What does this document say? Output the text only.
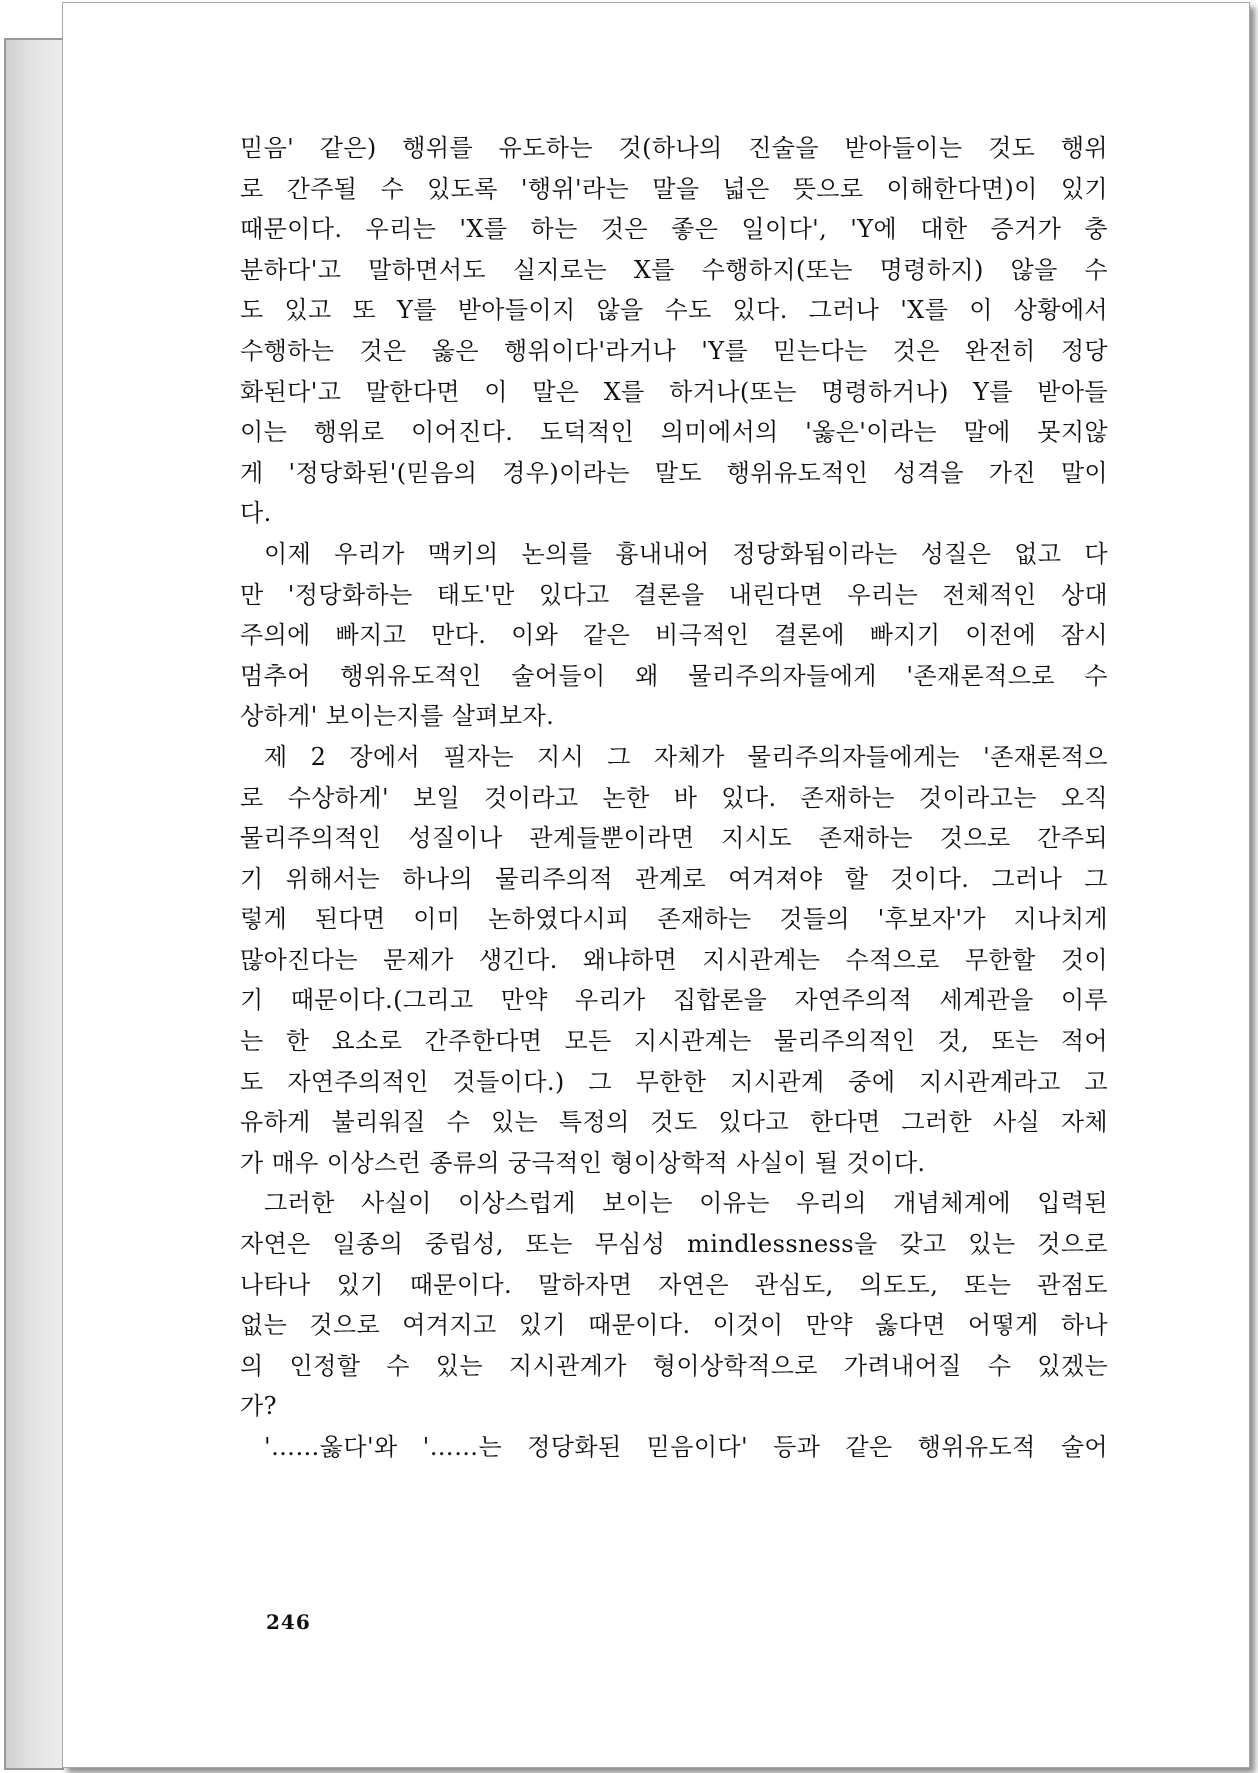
믿음' 같은) 행위를 유도하는 것(하나의 진술을 받아들이는 것도 행위
로 간주될 수 있도록 '행위'라는 말을 넓은 뜻으로 이해한다면)이 있기
때문이다. 우리는 'X를 하는 것은 좋은 일이다', 'Y에 대한 증거가 충
분하다'고 말하면서도 실지로는 X를 수행하지(또는 명령하지) 않을 수
도 있고 또 Y를 받아들이지 않을 수도 있다. 그러나 'X를 이 상황에서
수행하는 것은 옳은 행위이다'라거나 'Y를 믿는다는 것은 완전히 정당
화된다'고 말한다면 이 말은 X를 하거나(또는 명령하거나) Y를 받아들
이는 행위로 이어진다. 도덕적인 의미에서의 '옳은'이라는 말에 못지않
게 '정당화된'(믿음의 경우)이라는 말도 행위유도적인 성격을 가진 말이
다.
이제 우리가 맥키의 논의를 흉내내어 정당화됨이라는 성질은 없고 다
만 '정당화하는 태도'만 있다고 결론을 내린다면 우리는 전체적인 상대
주의에 빠지고 만다. 이와 같은 비극적인 결론에 빠지기 이전에 잠시
멈추어 행위유도적인 술어들이 왜 물리주의자들에게 '존재론적으로 수
상하게' 보이는지를 살펴보자.
제 2 장에서 필자는 지시 그 자체가 물리주의자들에게는 '존재론적으
로 수상하게' 보일 것이라고 논한 바 있다. 존재하는 것이라고는 오직
물리주의적인 성질이나 관계들뿐이라면 지시도 존재하는 것으로 간주되
기 위해서는 하나의 물리주의적 관계로 여겨져야 할 것이다. 그러나 그
렇게 된다면 이미 논하였다시피 존재하는 것들의 '후보자'가 지나치게
많아진다는 문제가 생긴다. 왜냐하면 지시관계는 수적으로 무한할 것이
기 때문이다.(그리고 만약 우리가 집합론을 자연주의적 세계관을 이루
는 한 요소로 간주한다면 모든 지시관계는 물리주의적인 것, 또는 적어
도 자연주의적인 것들이다.) 그 무한한 지시관계 중에 지시관계라고 고
유하게 불리워질 수 있는 특정의 것도 있다고 한다면 그러한 사실 자체
가 매우 이상스런 종류의 궁극적인 형이상학적 사실이 될 것이다.
그러한 사실이 이상스럽게 보이는 이유는 우리의 개념체계에 입력된
자연은 일종의 중립성, 또는 무심성 mindlessness을 갖고 있는 것으로
나타나 있기 때문이다. 말하자면 자연은 관심도, 의도도, 또는 관점도
없는 것으로 여겨지고 있기 때문이다. 이것이 만약 옳다면 어떻게 하나
의 인정할 수 있는 지시관계가 형이상학적으로 가려내어질 수 있겠는
가?
'……옳다'와 '……는 정당화된 믿음이다' 등과 같은 행위유도적 술어
246
